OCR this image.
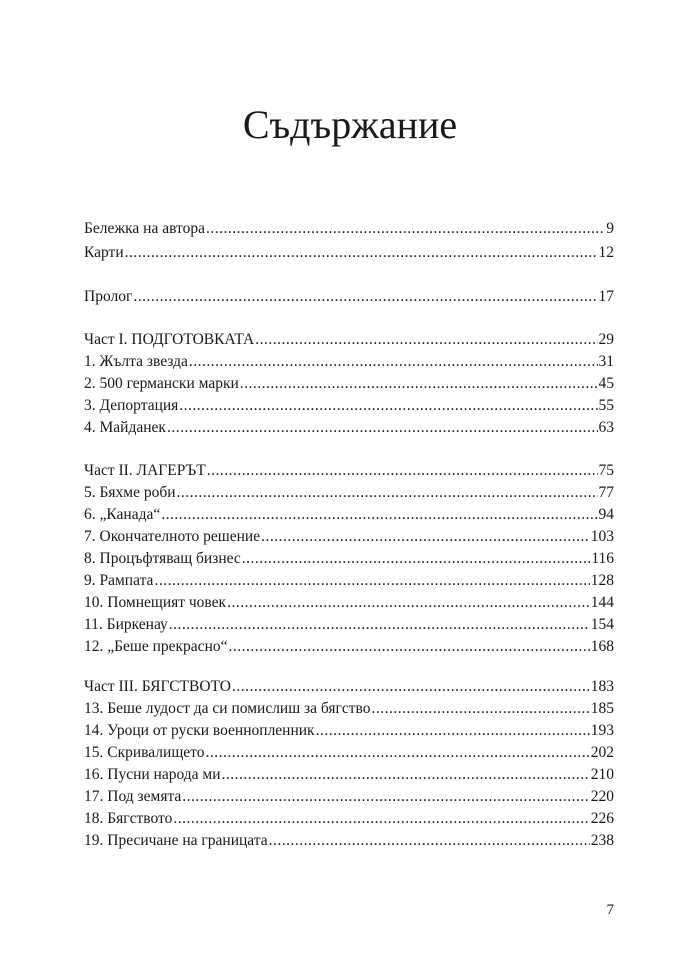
Съдържание
Бележка на автора .....	9
Карти .....	12
Пролог .....	17
Част I. ПОДГОТОВКАТА .....	29
1. Жълта звезда .....	31
2. 500 германски марки .....	45
3. Депортация .....	55
4. Майданек .....	63
Част II. ЛАГЕРЪТ .....	75
5. Бяхме роби .....	77
6. „Канада“ .....	94
7. Окончателното решение .....	103
8. Процъфтяващ бизнес .....	116
9. Рампата .....	128
10. Помнещият човек .....	144
11. Биркенау .....	154
12. „Беше прекрасно“ .....	168
Част III. БЯГСТВОТО .....	183
13. Беше лудост да си помислиш за бягство .....	185
14. Уроци от руски военнопленник .....	193
15. Скривалището .....	202
16. Пусни народа ми .....	210
17. Под земята .....	220
18. Бягството .....	226
19. Пресичане на границата .....	238
7
